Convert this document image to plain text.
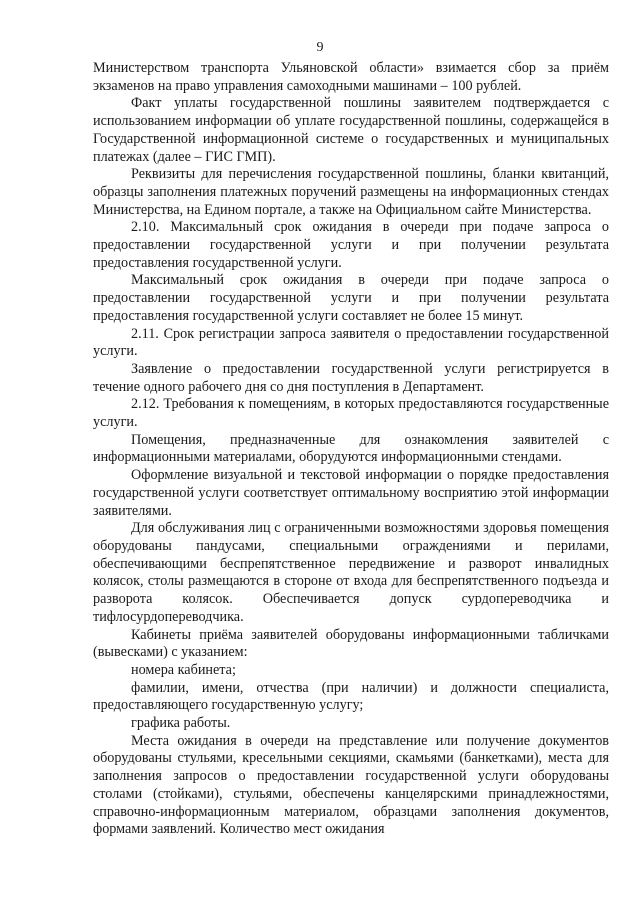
9

Министерством транспорта Ульяновской области» взимается сбор за приём экзаменов на право управления самоходными машинами – 100 рублей.

Факт уплаты государственной пошлины заявителем подтверждается с использованием информации об уплате государственной пошлины, содержащейся в Государственной информационной системе о государственных и муниципальных платежах (далее – ГИС ГМП).

Реквизиты для перечисления государственной пошлины, бланки квитанций, образцы заполнения платежных поручений размещены на информационных стендах Министерства, на Едином портале, а также на Официальном сайте Министерства.

2.10. Максимальный срок ожидания в очереди при подаче запроса о предоставлении государственной услуги и при получении результата предоставления государственной услуги.

Максимальный срок ожидания в очереди при подаче запроса о предоставлении государственной услуги и при получении результата предоставления государственной услуги составляет не более 15 минут.

2.11. Срок регистрации запроса заявителя о предоставлении государственной услуги.

Заявление о предоставлении государственной услуги регистрируется в течение одного рабочего дня со дня поступления в Департамент.

2.12. Требования к помещениям, в которых предоставляются государственные услуги.

Помещения, предназначенные для ознакомления заявителей с информационными материалами, оборудуются информационными стендами.

Оформление визуальной и текстовой информации о порядке предоставления государственной услуги соответствует оптимальному восприятию этой информации заявителями.

Для обслуживания лиц с ограниченными возможностями здоровья помещения оборудованы пандусами, специальными ограждениями и перилами, обеспечивающими беспрепятственное передвижение и разворот инвалидных колясок, столы размещаются в стороне от входа для беспрепятственного подъезда и разворота колясок. Обеспечивается допуск сурдопереводчика и тифлосурдопереводчика.

Кабинеты приёма заявителей оборудованы информационными табличками (вывесками) с указанием:

номера кабинета;

фамилии, имени, отчества (при наличии) и должности специалиста, предоставляющего государственную услугу;

графика работы.

Места ожидания в очереди на представление или получение документов оборудованы стульями, кресельными секциями, скамьями (банкетками), места для заполнения запросов о предоставлении государственной услуги оборудованы столами (стойками), стульями, обеспечены канцелярскими принадлежностями, справочно-информационным материалом, образцами заполнения документов, формами заявлений. Количество мест ожидания
